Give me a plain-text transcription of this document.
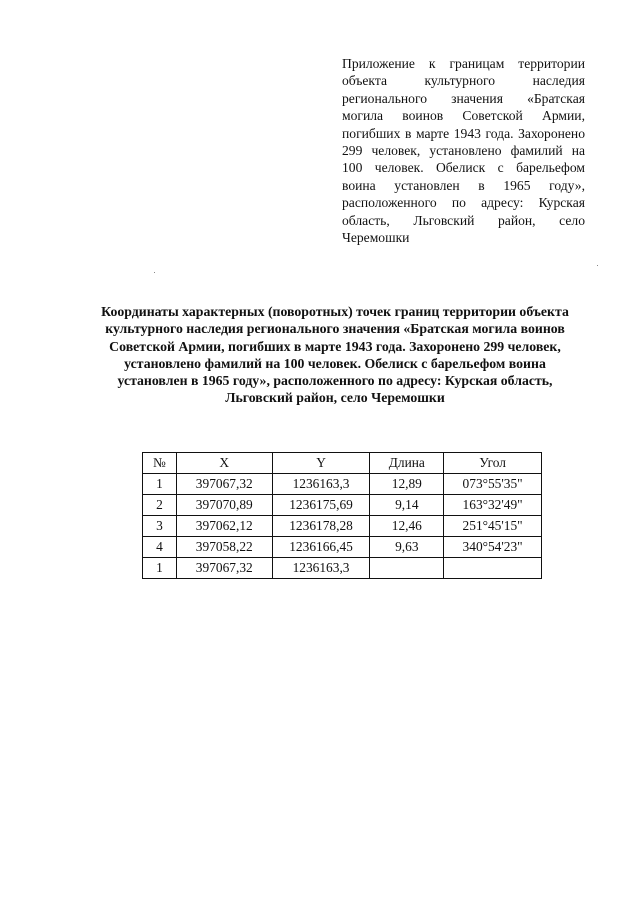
Приложение к границам территории объекта культурного наследия регионального значения «Братская могила воинов Советской Армии, погибших в марте 1943 года. Захоронено 299 человек, установлено фамилий на 100 человек. Обелиск с барельефом воина установлен в 1965 году», расположенного по адресу: Курская область, Льговский район, село Черемошки
Координаты характерных (поворотных) точек границ территории объекта культурного наследия регионального значения «Братская могила воинов Советской Армии, погибших в марте 1943 года. Захоронено 299 человек, установлено фамилий на 100 человек. Обелиск с барельефом воина установлен в 1965 году», расположенного по адресу: Курская область, Льговский район, село Черемошки
№	X	Y	Длина	Угол
1	397067,32	1236163,3	12,89	073°55'35"
2	397070,89	1236175,69	9,14	163°32'49"
3	397062,12	1236178,28	12,46	251°45'15"
4	397058,22	1236166,45	9,63	340°54'23"
1	397067,32	1236163,3		
